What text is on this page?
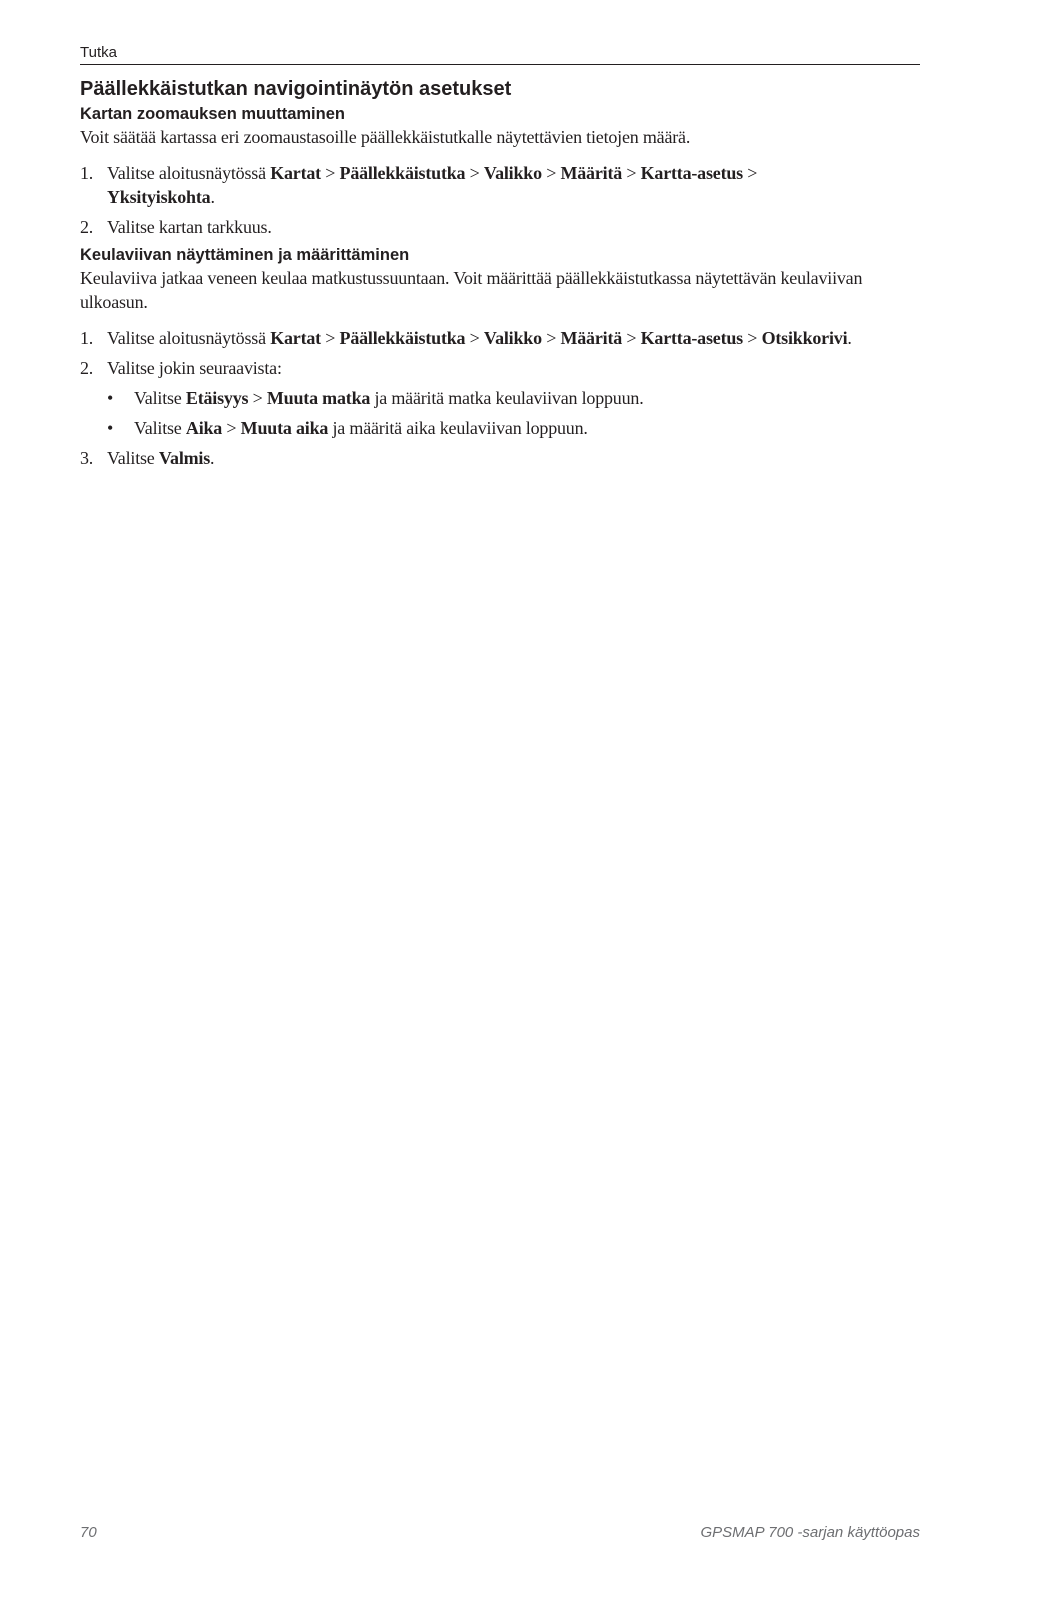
Tutka
Päällekkäistutkan navigointinäytön asetukset
Kartan zoomauksen muuttaminen

Voit säätää kartassa eri zoomaustasoille päällekkäistutkalle näytettävien tietojen määrä.

1. Valitse aloitusnäytössä Kartat > Päällekkäistutka > Valikko > Määritä > Kartta-asetus >
Yksityiskohta.
2. Valitse kartan tarkkuus.
Keulaviivan näyttäminen ja määrittäminen

Keulaviiva jatkaa veneen keulaa matkustussuuntaan. Voit määrittää päällekkäistutkassa näytettävän keulaviivan ulkoasun.

1. Valitse aloitusnäytössä Kartat > Päällekkäistutka > Valikko > Määritä > Kartta-asetus > Otsikkorivi.
2. Valitse jokin seuraavista:
• Valitse Etäisyys > Muuta matka ja määritä matka keulaviivan loppuun.
• Valitse Aika > Muuta aika ja määritä aika keulaviivan loppuun.
3. Valitse Valmis.
70	GPSMAP 700 -sarjan käyttöopas
